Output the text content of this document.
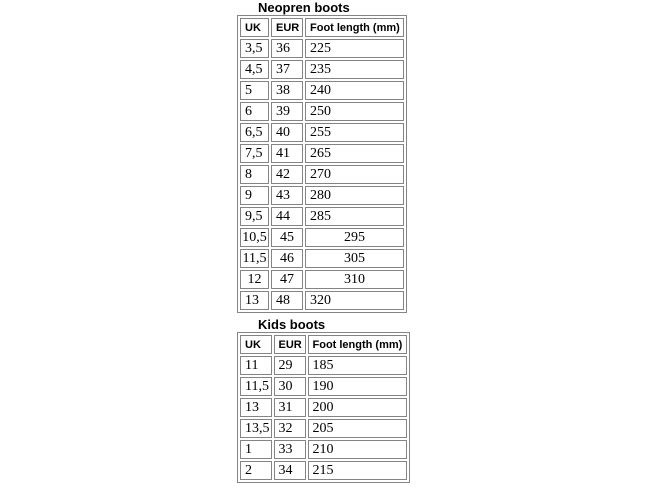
Neopren boots
UK	EUR	Foot length (mm)
3,5	36	225
4,5	37	235
5	38	240
6	39	250
6,5	40	255
7,5	41	265
8	42	270
9	43	280
9,5	44	285
10,5	45	295
11,5	46	305
12	47	310
13	48	320
Kids boots
UK	EUR	Foot length (mm)
11	29	185
11,5	30	190
13	31	200
13,5	32	205
1	33	210
2	34	215
